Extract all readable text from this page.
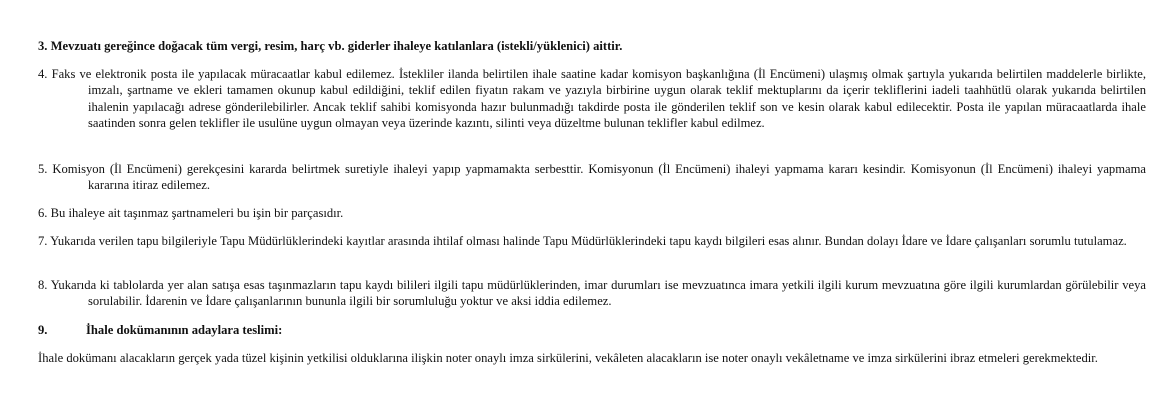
3. Mevzuatı gereğince doğacak tüm vergi, resim, harç vb. giderler ihaleye katılanlara (istekli/yüklenici) aittir.
4. Faks ve elektronik posta ile yapılacak müracaatlar kabul edilemez. İstekliler ilanda belirtilen ihale saatine kadar komisyon başkanlığına (İl Encümeni) ulaşmış olmak şartıyla yukarıda belirtilen maddelerle birlikte, imzalı, şartname ve ekleri tamamen okunup kabul edildiğini, teklif edilen fiyatın rakam ve yazıyla birbirine uygun olarak teklif mektuplarını da içerir tekliflerini iadeli taahhütlü olarak yukarıda belirtilen ihalenin yapılacağı adrese gönderilebilirler. Ancak teklif sahibi komisyonda hazır bulunmadığı takdirde posta ile gönderilen teklif son ve kesin olarak kabul edilecektir. Posta ile yapılan müracaatlarda ihale saatinden sonra gelen teklifler ile usulüne uygun olmayan veya üzerinde kazıntı, silinti veya düzeltme bulunan teklifler kabul edilmez.
5. Komisyon (İl Encümeni) gerekçesini kararda belirtmek suretiyle ihaleyi yapıp yapmamakta serbesttir. Komisyonun (İl Encümeni) ihaleyi yapmama kararı kesindir. Komisyonun (İl Encümeni) ihaleyi yapmama kararına itiraz edilemez.
6. Bu ihaleye ait taşınmaz şartnameleri bu işin bir parçasıdır.
7. Yukarıda verilen tapu bilgileriyle Tapu Müdürlüklerindeki kayıtlar arasında ihtilaf olması halinde Tapu Müdürlüklerindeki tapu kaydı bilgileri esas alınır. Bundan dolayı İdare ve İdare çalışanları sorumlu tutulamaz.
8. Yukarıda ki tablolarda yer alan satışa esas taşınmazların tapu kaydı bilileri ilgili tapu müdürlüklerinden, imar durumları ise mevzuatınca imara yetkili ilgili kurum mevzuatına göre ilgili kurumlardan görülebilir veya sorulabilir. İdarenin ve İdare çalışanlarının bununla ilgili bir sorumluluğu yoktur ve aksi iddia edilemez.
9.	İhale dokümanının adaylara teslimi:
İhale dokümanı alacakların gerçek yada tüzel kişinin yetkilisi olduklarına ilişkin noter onaylı imza sirkülerini, vekâleten alacakların ise noter onaylı vekâletname ve imza sirkülerini ibraz etmeleri gerekmektedir.
